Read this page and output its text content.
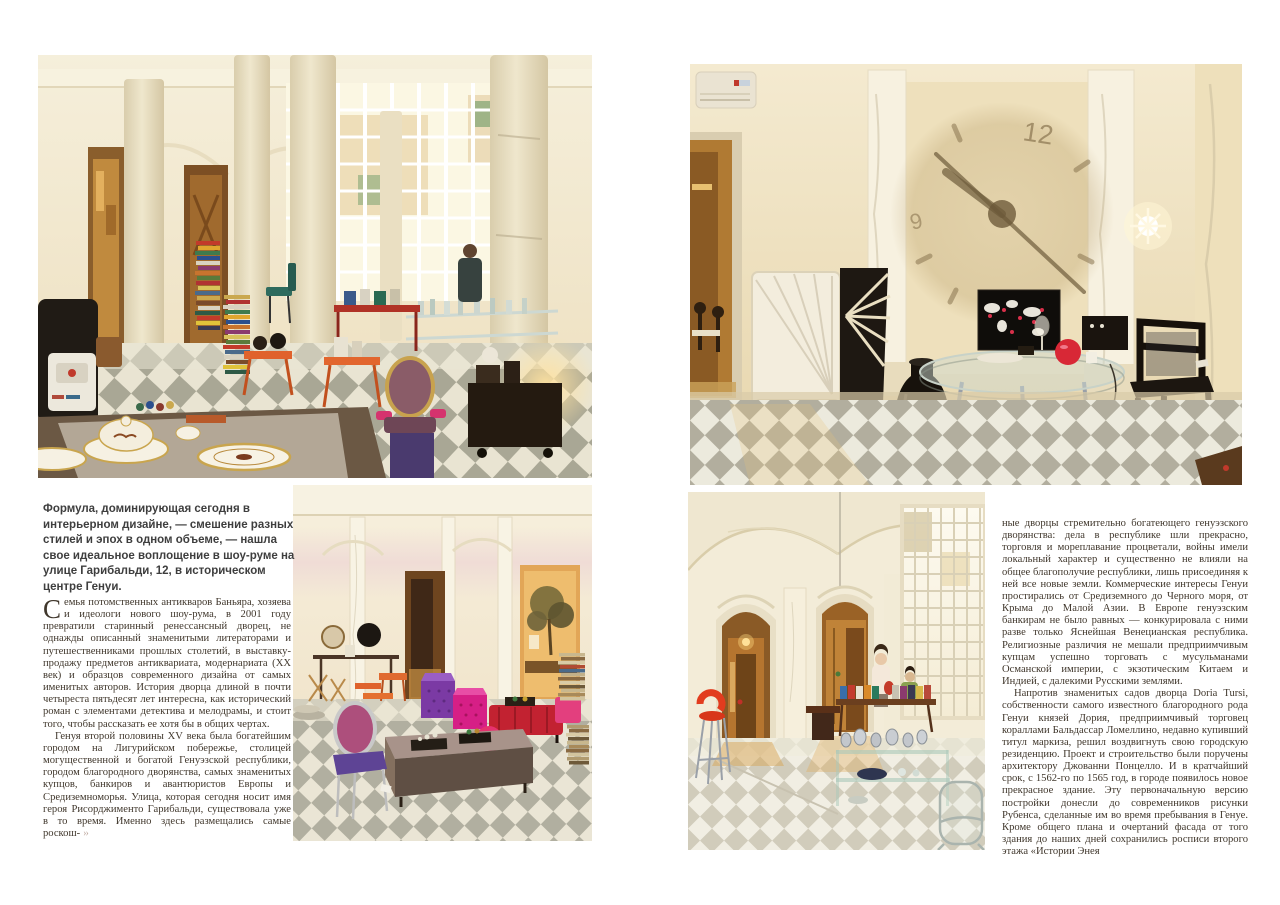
12
9
Формула, доминирующая сегодня в интерьерном дизайне, — смешение разных стилей и эпох в одном объеме, — нашла свое идеальное воплощение в шоу-руме на улице Гарибальди, 12, в историческом центре Генуи.

Семья потомственных антикваров Баньяра, хозяева и идеологи нового шоу-рума, в 2001 году превратили старинный ренессансный дворец, не однажды описанный знаменитыми литераторами и путешественниками прошлых столетий, в выставку-продажу предметов антиквариата, модернариата (XX век) и образцов современного дизайна от самых именитых авторов. История дворца длиной в почти четыреста пятьдесят лет интересна, как исторический роман с элементами детектива и мелодрамы, и стоит того, чтобы рассказать ее хотя бы в общих чертах.

Генуя второй половины XV века была богатейшим городом на Лигурийском побережье, столицей могущественной и богатой Генуэзской республики, городом благородного дворянства, самых знаменитых купцов, банкиров и авантюристов Европы и Средиземноморья. Улица, которая сегодня носит имя героя Рисорджименто Гарибальди, существовала уже в то время. Именно здесь размещались самые роскош- ››

ные дворцы стремительно богатеющего генуэзского дворянства: дела в республике шли прекрасно, торговля и мореплавание процветали, войны имели локальный характер и существенно не влияли на общее благополучие республики, лишь присоединяя к ней все новые земли. Коммерческие интересы Генуи простирались от Средиземного до Черного моря, от Крыма до Малой Азии. В Европе генуэзским банкирам не было равных — конкурировала с ними разве только Яснейшая Венецианская республика. Религиозные различия не мешали предприимчивым купцам успешно торговать с мусульманами Османской империи, с экзотическим Китаем и Индией, с далекими Русскими землями.

Напротив знаменитых садов дворца Doria Tursi, собственности самого известного благородного рода Генуи князей Дория, предприимчивый торговец кораллами Бальдассар Ломеллино, недавно купивший титул маркиза, решил воздвигнуть свою городскую резиденцию. Проект и строительство были поручены архитектору Джованни Понцелло. И в кратчайший срок, с 1562-го по 1565 год, в городе появилось новое прекрасное здание. Эту первоначальную версию постройки донесли до современников рисунки Рубенса, сделанные им во время пребывания в Генуе. Кроме общего плана и очертаний фасада от того здания до наших дней сохранились росписи второго этажа «Истории Энея
